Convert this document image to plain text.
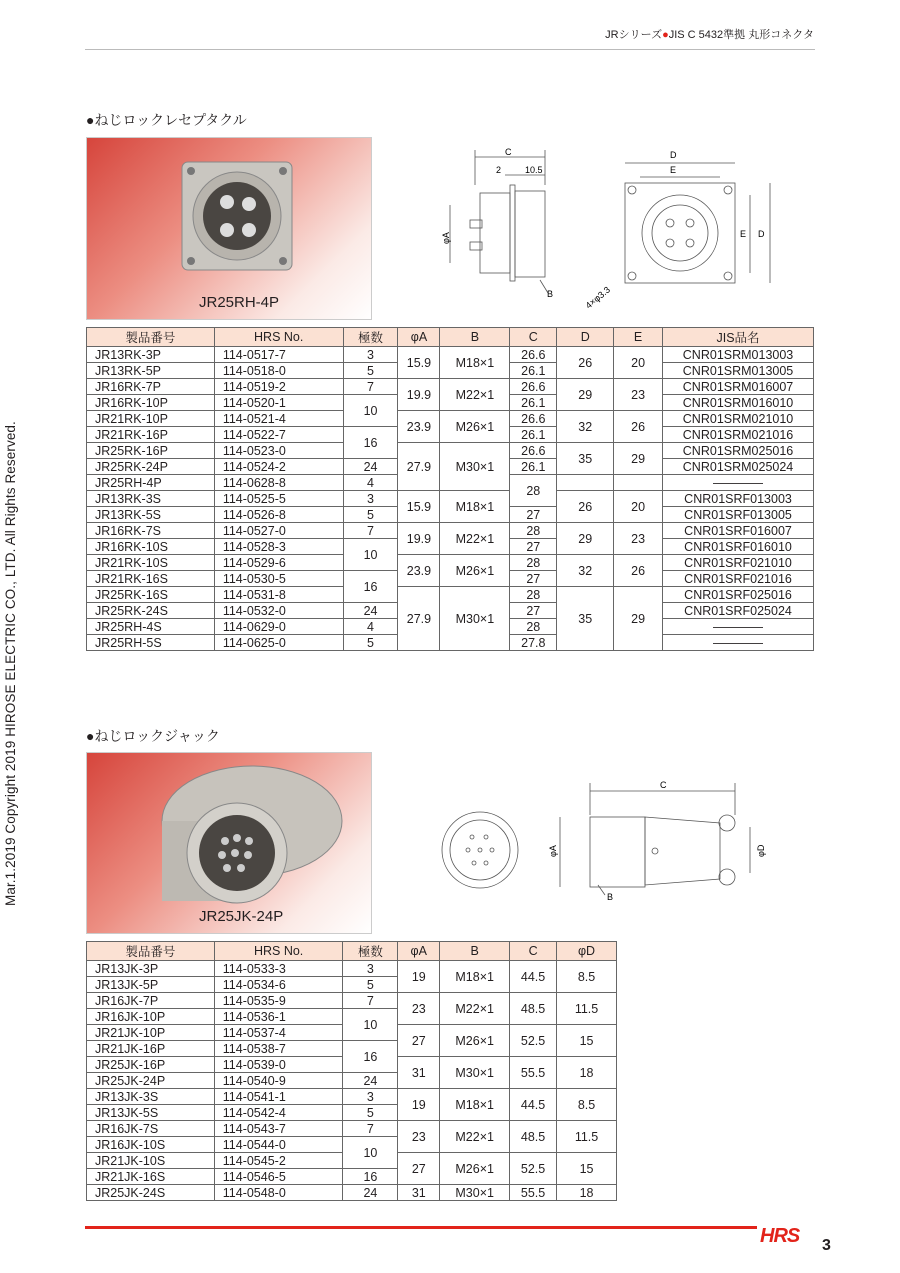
JRシリーズ●JIS C 5432準拠 丸形コネクタ
Mar.1.2019 Copyright 2019 HIROSE ELECTRIC CO., LTD. All Rights Reserved.
●ねじロックレセプタクル
JR25RH-4P
C
2	10.5
φA
B
D
E
E D
4×φ3.3
製品番号	HRS No.	極数	φA	B	C	D	E	JIS品名
JR13RK-3P	114-0517-7	3	15.9	M18×1	26.6	26	20	CNR01SRM013003
JR13RK-5P	114-0518-0	5			26.1			CNR01SRM013005
JR16RK-7P	114-0519-2	7	19.9	M22×1	26.6	29	23	CNR01SRM016007
JR16RK-10P	114-0520-1	10			26.1			CNR01SRM016010
JR21RK-10P	114-0521-4		23.9	M26×1	26.6	32	26	CNR01SRM021010
JR21RK-16P	114-0522-7	16			26.1			CNR01SRM021016
JR25RK-16P	114-0523-0		27.9	M30×1	26.6	35	29	CNR01SRM025016
JR25RK-24P	114-0524-2	24			26.1			CNR01SRM025024
JR25RH-4P	114-0628-8	4			28			————
JR13RK-3S	114-0525-5	3	15.9	M18×1		26	20	CNR01SRF013003
JR13RK-5S	114-0526-8	5			27			CNR01SRF013005
JR16RK-7S	114-0527-0	7	19.9	M22×1	28	29	23	CNR01SRF016007
JR16RK-10S	114-0528-3	10			27			CNR01SRF016010
JR21RK-10S	114-0529-6		23.9	M26×1	28	32	26	CNR01SRF021010
JR21RK-16S	114-0530-5	16			27			CNR01SRF021016
JR25RK-16S	114-0531-8		27.9	M30×1	28	35	29	CNR01SRF025016
JR25RK-24S	114-0532-0	24			27			CNR01SRF025024
JR25RH-4S	114-0629-0	4			28			————
JR25RH-5S	114-0625-0	5			27.8			————
●ねじロックジャック
JR25JK-24P
C
φA	φD
B
製品番号	HRS No.	極数	φA	B	C	φD
JR13JK-3P	114-0533-3	3	19	M18×1	44.5	8.5
JR13JK-5P	114-0534-6	5				
JR16JK-7P	114-0535-9	7	23	M22×1	48.5	11.5
JR16JK-10P	114-0536-1	10				
JR21JK-10P	114-0537-4		27	M26×1	52.5	15
JR21JK-16P	114-0538-7	16				
JR25JK-16P	114-0539-0		31	M30×1	55.5	18
JR25JK-24P	114-0540-9	24				
JR13JK-3S	114-0541-1	3	19	M18×1	44.5	8.5
JR13JK-5S	114-0542-4	5				
JR16JK-7S	114-0543-7	7	23	M22×1	48.5	11.5
JR16JK-10S	114-0544-0	10				
JR21JK-10S	114-0545-2		27	M26×1	52.5	15
JR21JK-16S	114-0546-5	16				
JR25JK-24S	114-0548-0	24	31	M30×1	55.5	18
HRS 3
